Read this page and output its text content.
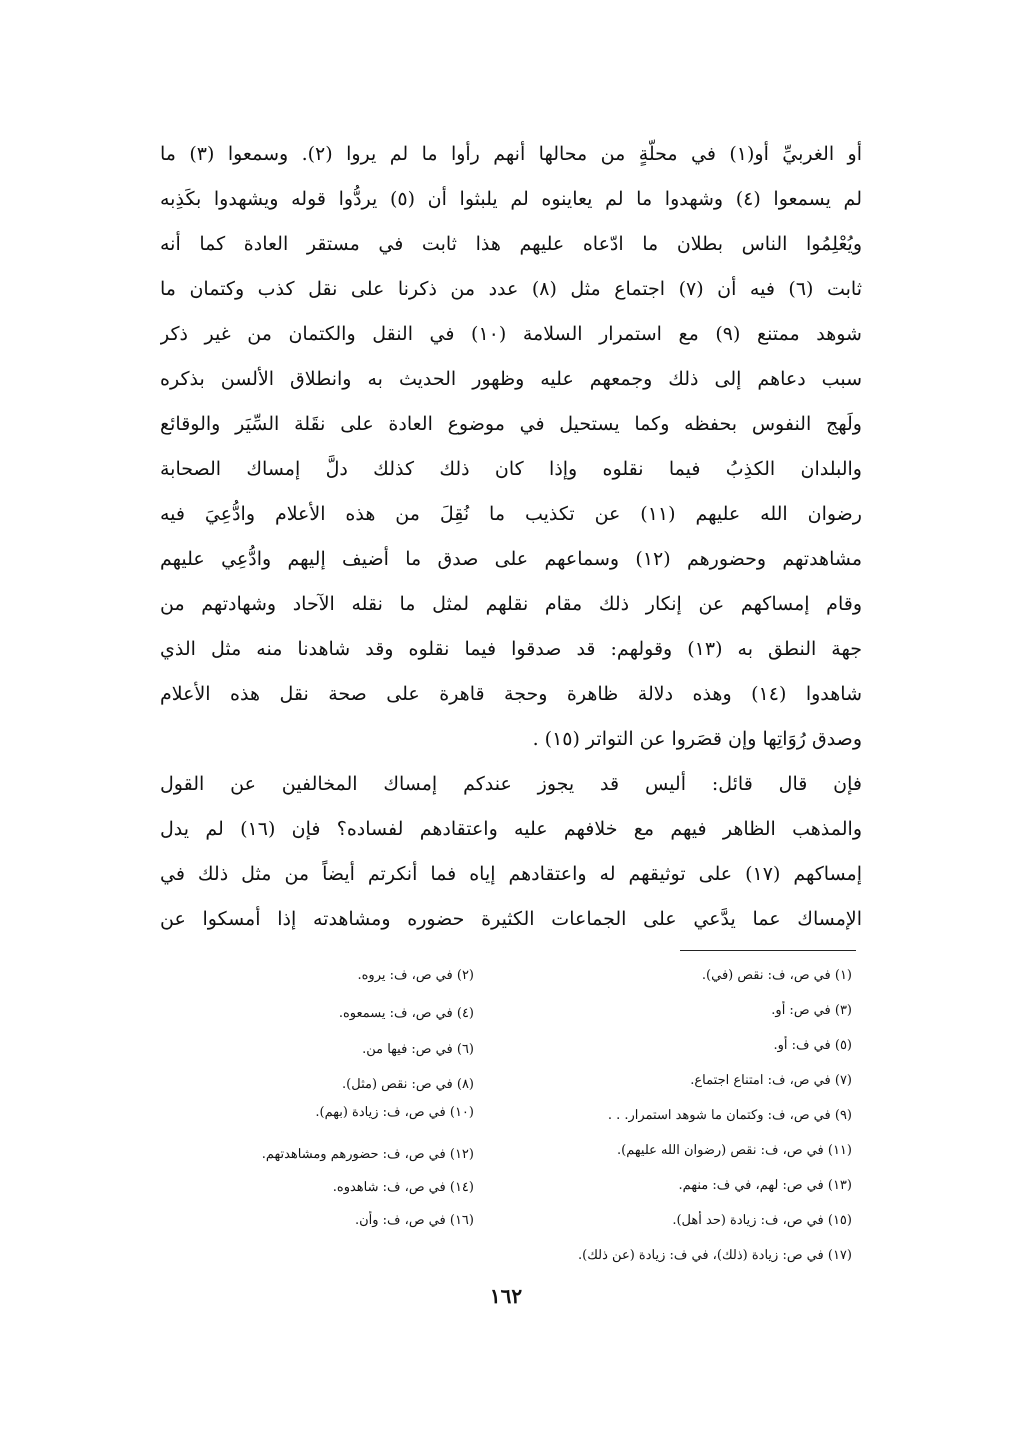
أو الغربيِّ أو‏(١) في محلّةٍ من محالها أنهم رأوا ما لم يروا (٢). وسمعوا (٣) ما
لم يسمعوا (٤) وشهدوا ما لم يعاينوه لم يلبثوا أن (٥) يردُّوا قوله ويشهدوا بكَذِبه
ويُعْلِمُوا الناس بطلان ما ادّعاه عليهم هذا ثابت في مستقر العادة كما أنه
ثابت (٦) فيه أن (٧) اجتماع مثل (٨) عدد من ذكرنا على نقل كذب وكتمان ما
شوهد ممتنع (٩) مع استمرار السلامة (١٠) في النقل والكتمان من غير ذكر
سبب دعاهم إلى ذلك وجمعهم عليه وظهور الحديث به وانطلاق الألسن بذكره
ولَهج النفوس بحفظه وكما يستحيل في موضوع العادة على نقَلة السِّيَر والوقائع
والبلدان الكذِبُ فيما نقلوه وإذا كان ذلك كذلك دلَّ إمساك الصحابة
رضوان الله عليهم (١١) عن تكذيب ما نُقِلَ من هذه الأعلام وادُّعِيَ فيه
مشاهدتهم وحضورهم (١٢) وسماعهم على صدق ما أضيف إليهم وادُّعِي عليهم
وقام إمساكهم عن إنكار ذلك مقام نقلهم لمثل ما نقله الآحاد وشهادتهم من
جهة النطق به (١٣) وقولهم: قد صدقوا فيما نقلوه وقد شاهدنا منه مثل الذي
شاهدوا (١٤) وهذه دلالة ظاهرة وحجة قاهرة على صحة نقل هذه الأعلام
وصدق رُوَاتِها وإن قصَروا عن التواتر (١٥) .
فإن قال قائل: أليس قد يجوز عندكم إمساك المخالفين عن القول
والمذهب الظاهر فيهم مع خلافهم عليه واعتقادهم لفساده؟ فإن (١٦) لم يدل
إمساكهم (١٧) على توثيقهم له واعتقادهم إياه فما أنكرتم أيضاً من مثل ذلك في
الإمساك عما يدَّعي على الجماعات الكثيرة حضوره ومشاهدته إذا أمسكوا عن
(١) في ص، ف: نقص (في).
(٢) في ص، ف: يروه.
(٣) في ص: أو.
(٤) في ص، ف: يسمعوه.
(٥) في ف: أو.
(٦) في ص: فيها من.
(٧) في ص، ف: امتناع اجتماع.
(٨) في ص: نقص (مثل).
(٩) في ص، ف: وكتمان ما شوهد استمرار. . .
(١٠) في ص، ف: زيادة (بهم).
(١١) في ص، ف: نقص (رضوان الله عليهم).
(١٢) في ص، ف: حضورهم ومشاهدتهم.
(١٣) في ص: لهم، في ف: منهم.
(١٤) في ص، ف: شاهدوه.
(١٥) في ص، ف: زيادة (حد أهل).
(١٦) في ص، ف: وأن.
(١٧) في ص: زيادة (ذلك)، في ف: زيادة (عن ذلك).
١٦٢
